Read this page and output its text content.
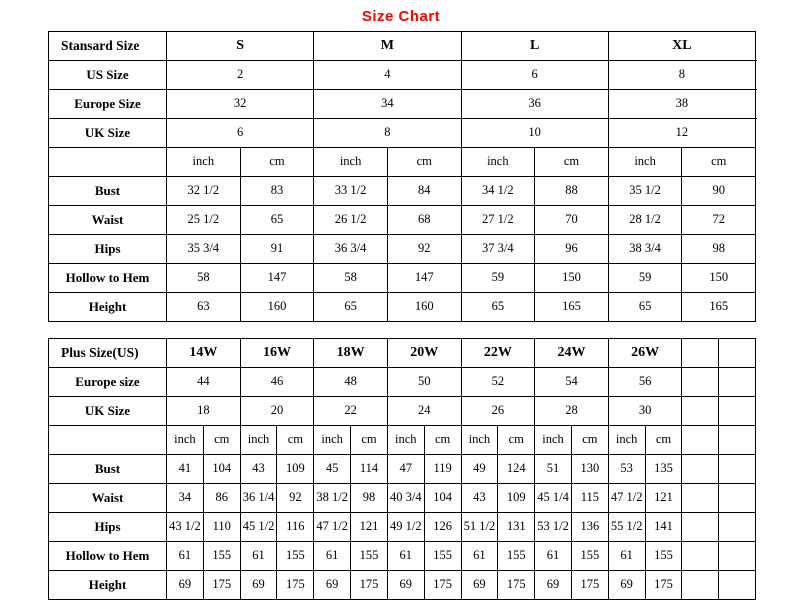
Size Chart
Stansard Size	S		M		L		XL		
US Size	2		4		6		8				
Europe Size	32		34		36		38				
UK Size	6		8		10		12				
	inch	cm	inch	cm	inch	cm	inch	cm								
Bust	32 1/2	83	33 1/2	84	34 1/2	88	35 1/2	90								
Waist	25 1/2	65	26 1/2	68	27 1/2	70	28 1/2	72								
Hips	35 3/4	91	36 3/4	92	37 3/4	96	38 3/4	98								
Hollow to Hem	58	147	58	147	59	150	59	150								
Height	63	160	65	160	65	165	65	165								
Plus Size(US)	14W		16W		18W		20W		22W		24W		26W			
Europe size	44		46		48		50		52		54		56			
UK Size	18		20		22		24		26		28		30			
	inch	cm	inch	cm	inch	cm	inch	cm	inch	cm	inch	cm	inch	cm		
Bust	41	104	43	109	45	114	47	119	49	124	51	130	53	135		
Waist	34	86	36 1/4	92	38 1/2	98	40 3/4	104	43	109	45 1/4	115	47 1/2	121		
Hips	43 1/2	110	45 1/2	116	47 1/2	121	49 1/2	126	51 1/2	131	53 1/2	136	55 1/2	141		
Hollow to Hem	61	155	61	155	61	155	61	155	61	155	61	155	61	155		
Height	69	175	69	175	69	175	69	175	69	175	69	175	69	175		
